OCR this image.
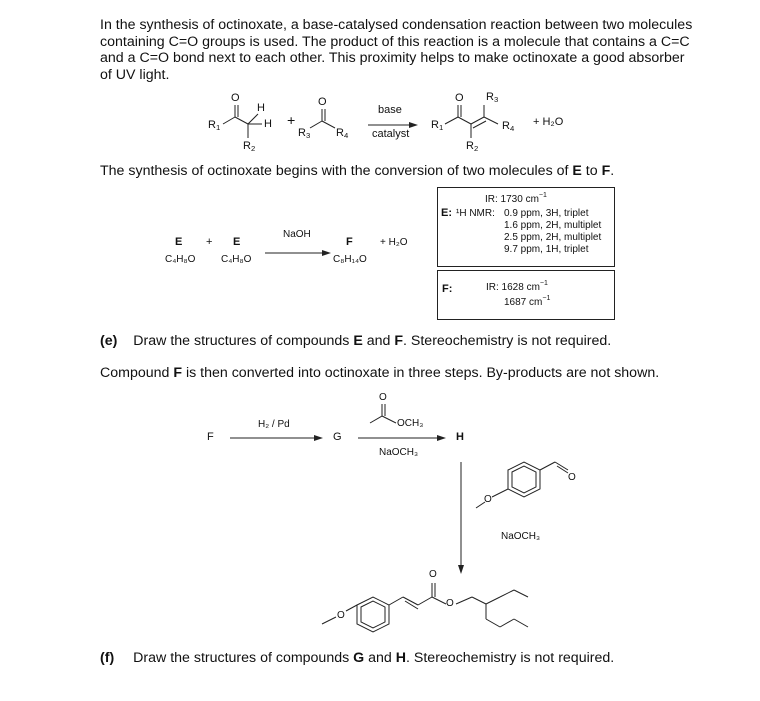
In the synthesis of octinoxate, a base-catalysed condensation reaction between two molecules containing C=O groups is used. The product of this reaction is a molecule that contains a C=C and a C=O bond next to each other. This proximity helps to make octinoxate a good absorber of UV light.
O
H
H
$R_1$
$R_2$
+
O
$R_3$ $R_4$
base
catalyst
O
$R_1$
$R_2$
$R_3$
$R_4$
+ H₂O
The synthesis of octinoxate begins with the conversion of two molecules of E to F.
E + E
C₄H₈O	C₄H₈O
NaOH
F	+ H₂O
C₈H₁₄O
E:
IR: 1730 $cm^{-1}$
¹H NMR: 0.9 ppm, 3H, triplet
1.6 ppm, 2H, multiplet
2.5 ppm, 2H, multiplet
9.7 ppm, 1H, triplet
F:	IR: 1628 $cm^{-1}$
1687 $cm^{-1}$
(e) Draw the structures of compounds E and F. Stereochemistry is not required.
Compound F is then converted into octinoxate in three steps. By-products are not shown.
F
H₂ / Pd
G
O
OCH₃
NaOCH₃
H
O
O
NaOCH₃
O
O
O
(f) Draw the structures of compounds G and H. Stereochemistry is not required.
